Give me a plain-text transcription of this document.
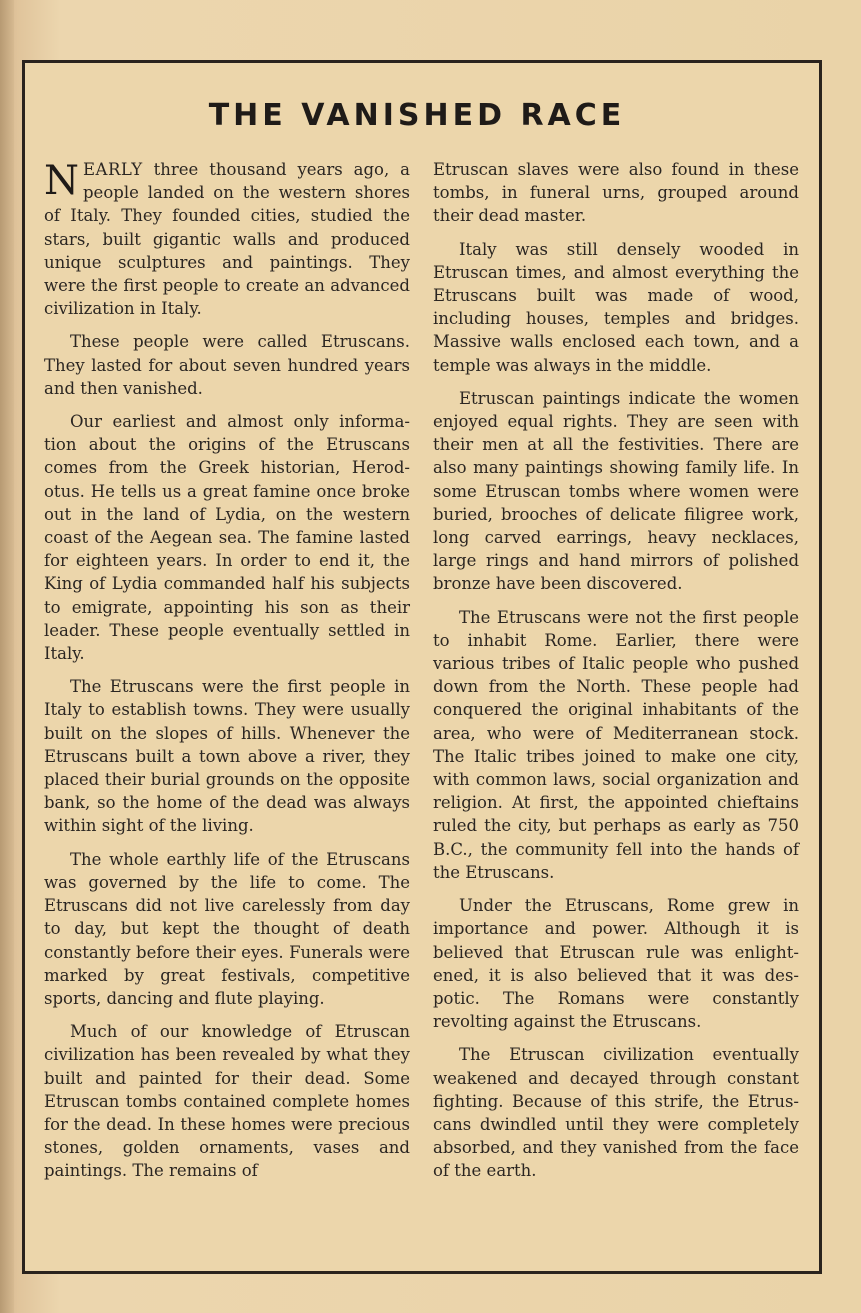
THE VANISHED RACE

NEARLY three thousand years ago, a people landed on the western shores of Italy. They founded cities, studied the stars, built gigantic walls and produced unique sculptures and paintings. They were the first people to create an advanced civilization in Italy.

These people were called Etruscans. They lasted for about seven hundred years and then vanished.

Our earliest and almost only information about the origins of the Etruscans comes from the Greek historian, Herodotus. He tells us a great famine once broke out in the land of Lydia, on the western coast of the Aegean sea. The famine lasted for eighteen years. In order to end it, the King of Lydia commanded half his subjects to emigrate, appointing his son as their leader. These people eventually settled in Italy.

The Etruscans were the first people in Italy to establish towns. They were usually built on the slopes of hills. Whenever the Etruscans built a town above a river, they placed their burial grounds on the opposite bank, so the home of the dead was always within sight of the living.

The whole earthly life of the Etruscans was governed by the life to come. The Etruscans did not live carelessly from day to day, but kept the thought of death constantly before their eyes. Funerals were marked by great festivals, competitive sports, dancing and flute playing.

Much of our knowledge of Etruscan civilization has been revealed by what they built and painted for their dead. Some Etruscan tombs contained complete homes for the dead. In these homes were precious stones, golden ornaments, vases and paintings. The remains of

Etruscan slaves were also found in these tombs, in funeral urns, grouped around their dead master.

Italy was still densely wooded in Etruscan times, and almost everything the Etruscans built was made of wood, including houses, temples and bridges. Massive walls enclosed each town, and a temple was always in the middle.

Etruscan paintings indicate the women enjoyed equal rights. They are seen with their men at all the festivities. There are also many paintings showing family life. In some Etruscan tombs where women were buried, brooches of delicate filigree work, long carved earrings, heavy necklaces, large rings and hand mirrors of polished bronze have been discovered.

The Etruscans were not the first people to inhabit Rome. Earlier, there were various tribes of Italic people who pushed down from the North. These people had conquered the original inhabitants of the area, who were of Mediterranean stock. The Italic tribes joined to make one city, with common laws, social organization and religion. At first, the appointed chieftains ruled the city, but perhaps as early as 750 B.C., the community fell into the hands of the Etruscans.

Under the Etruscans, Rome grew in importance and power. Although it is believed that Etruscan rule was enlightened, it is also believed that it was despotic. The Romans were constantly revolting against the Etruscans.

The Etruscan civilization eventually weakened and decayed through constant fighting. Because of this strife, the Etruscans dwindled until they were completely absorbed, and they vanished from the face of the earth.
